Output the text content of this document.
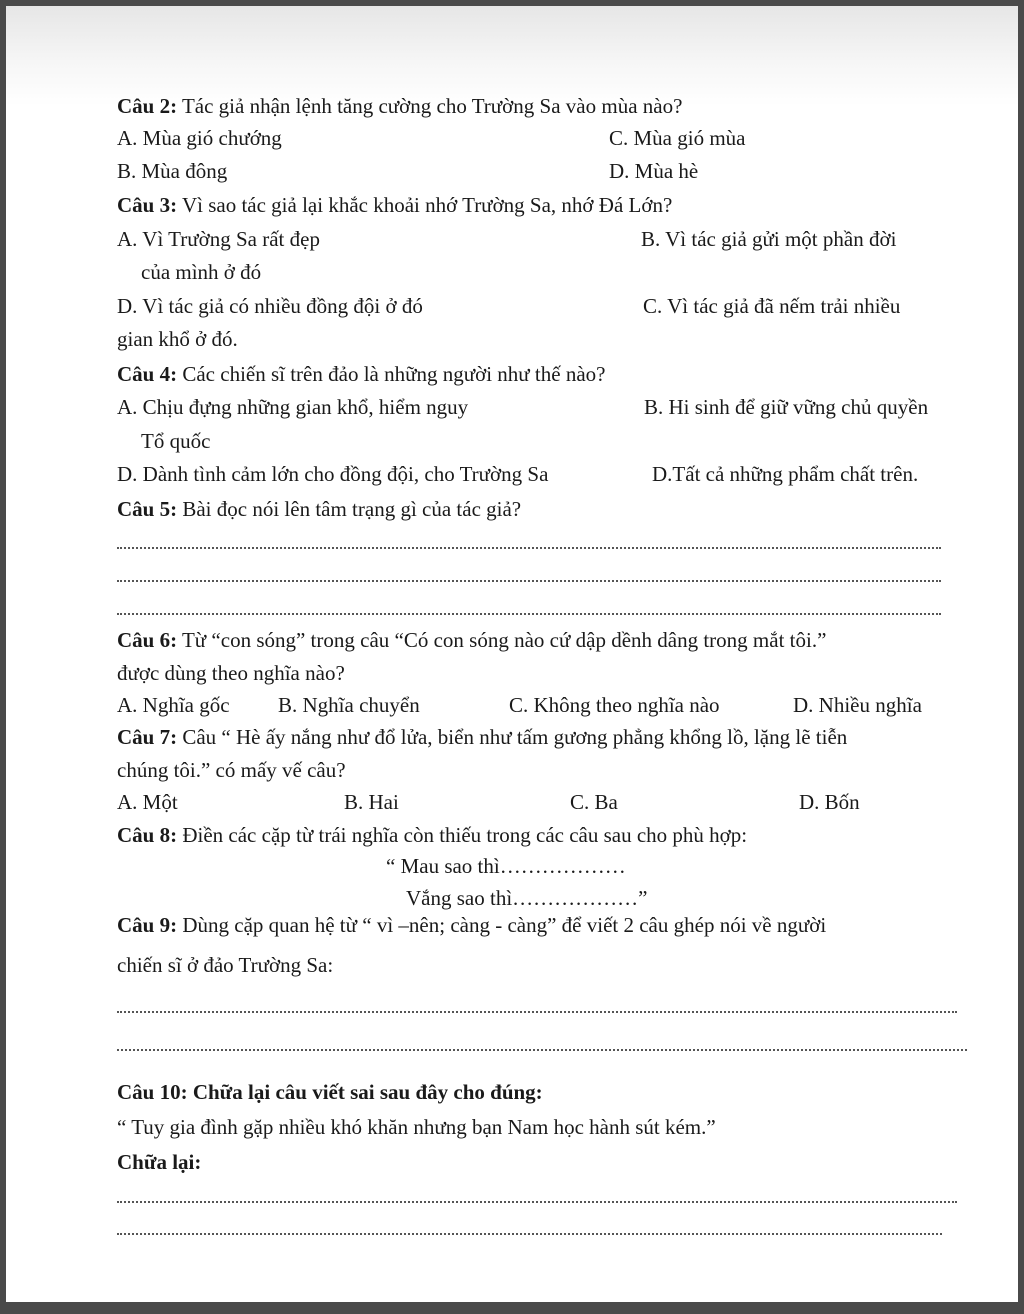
Câu 2: Tác giả nhận lệnh tăng cường cho Trường Sa vào mùa nào?
A. Mùa gió chướng	C. Mùa gió mùa
B. Mùa đông	D. Mùa hè
Câu 3: Vì sao tác giả lại khắc khoải nhớ Trường Sa, nhớ Đá Lớn?
A. Vì Trường Sa rất đẹp	B. Vì tác giả gửi một phần đời
của mình ở đó
D. Vì tác giả có nhiều đồng đội ở đó	C. Vì tác giả đã nếm trải nhiều
gian khổ ở đó.
Câu 4: Các chiến sĩ trên đảo là những người như thế nào?
A. Chịu đựng những gian khổ, hiểm nguy	B. Hi sinh để giữ vững chủ quyền
Tổ quốc
D. Dành tình cảm lớn cho đồng đội, cho Trường Sa	D.Tất cả những phẩm chất trên.
Câu 5: Bài đọc nói lên tâm trạng gì của tác giả?
Câu 6: Từ “con sóng” trong câu “Có con sóng nào cứ dập dềnh dâng trong mắt tôi.”
được dùng theo nghĩa nào?
A. Nghĩa gốc B. Nghĩa chuyển	C. Không theo nghĩa nào	D. Nhiều nghĩa
Câu 7: Câu “ Hè ấy nắng như đổ lửa, biển như tấm gương phẳng khổng lồ, lặng lẽ tiễn
chúng tôi.” có mấy vế câu?
A. Một	B. Hai	C. Ba	D. Bốn
Câu 8: Điền các cặp từ trái nghĩa còn thiếu trong các câu sau cho phù hợp:
“ Mau sao thì………………
Vắng sao thì………………”
Câu 9: Dùng cặp quan hệ từ “ vì –nên; càng - càng” để viết 2 câu ghép nói về người
chiến sĩ ở đảo Trường Sa:
Câu 10: Chữa lại câu viết sai sau đây cho đúng:
“ Tuy gia đình gặp nhiều khó khăn nhưng bạn Nam học hành sút kém.”
Chữa lại:
